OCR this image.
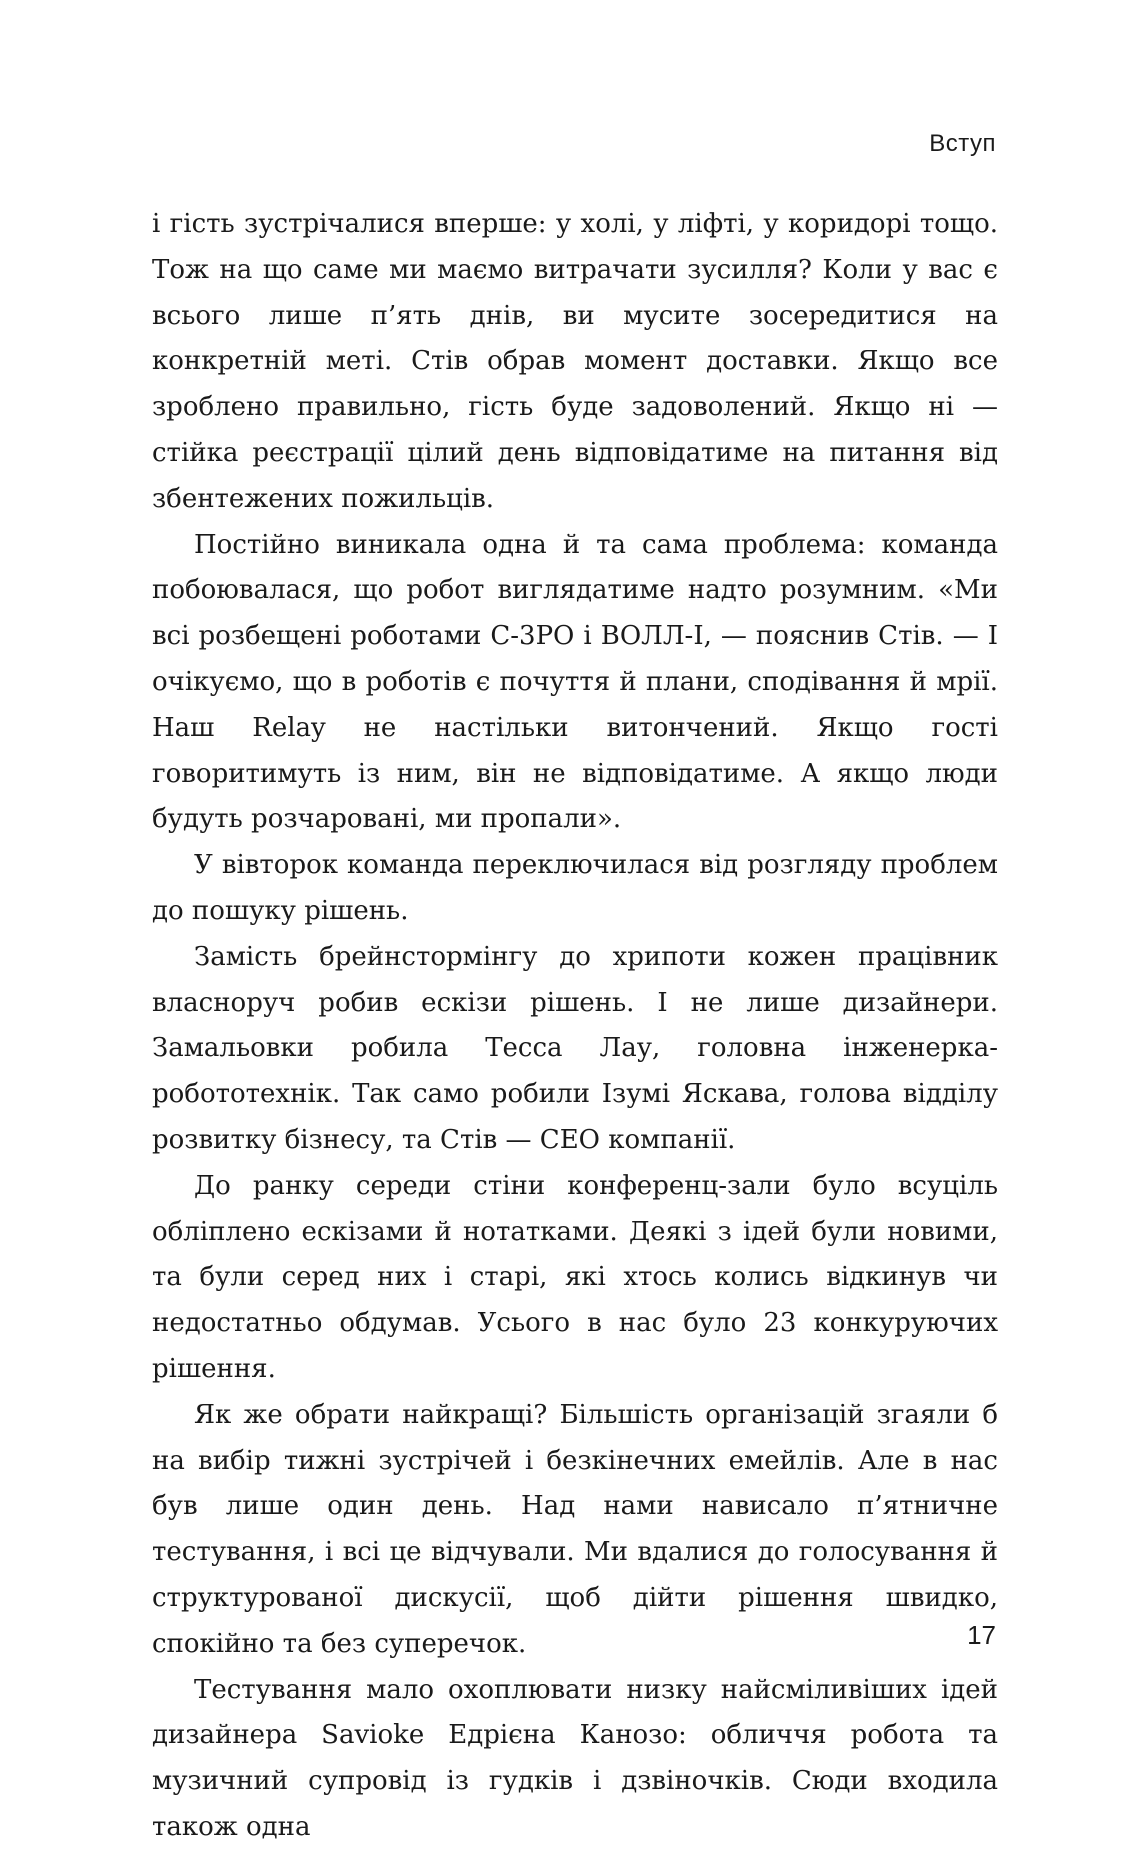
Вступ

і гість зустрічалися вперше: у холі, у ліфті, у коридорі тощо. Тож на що саме ми маємо витрачати зусилля? Коли у вас є всього лише п’ять днів, ви мусите зосередитися на конкретній меті. Стів обрав момент доставки. Якщо все зроблено правильно, гість буде задоволений. Якщо ні — стійка реєстрації цілий день відповідатиме на питання від збентежених пожильців.

Постійно виникала одна й та сама проблема: команда побоювалася, що робот виглядатиме надто розумним. «Ми всі розбещені роботами С-3PO і ВОЛЛ-І, — пояснив Стів. — І очікуємо, що в роботів є почуття й плани, сподівання й мрії. Наш Relay не настільки витончений. Якщо гості говоритимуть із ним, він не відповідатиме. А якщо люди будуть розчаровані, ми пропали».

У вівторок команда переключилася від розгляду проблем до пошуку рішень.

Замість брейнстормінгу до хрипоти кожен працівник власноруч робив ескізи рішень. І не лише дизайнери. Замальовки робила Тесса Лау, головна інженерка-робототехнік. Так само робили Ізумі Яскава, голова відділу розвитку бізнесу, та Стів — CEO компанії.

До ранку середи стіни конференц-зали було всуціль обліплено ескізами й нотатками. Деякі з ідей були новими, та були серед них і старі, які хтось колись відкинув чи недостатньо обдумав. Усього в нас було 23 конкуруючих рішення.

Як же обрати найкращі? Більшість організацій згаяли б на вибір тижні зустрічей і безкінечних емейлів. Але в нас був лише один день. Над нами нависало п’ятничне тестування, і всі це відчували. Ми вдалися до голосування й структурованої дискусії, щоб дійти рішення швидко, спокійно та без суперечок.

Тестування мало охоплювати низку найсміливіших ідей дизайнера Savioke Едрієна Канозо: обличчя робота та музичний супровід із гудків і дзвіночків. Сюди входила також одна

17
